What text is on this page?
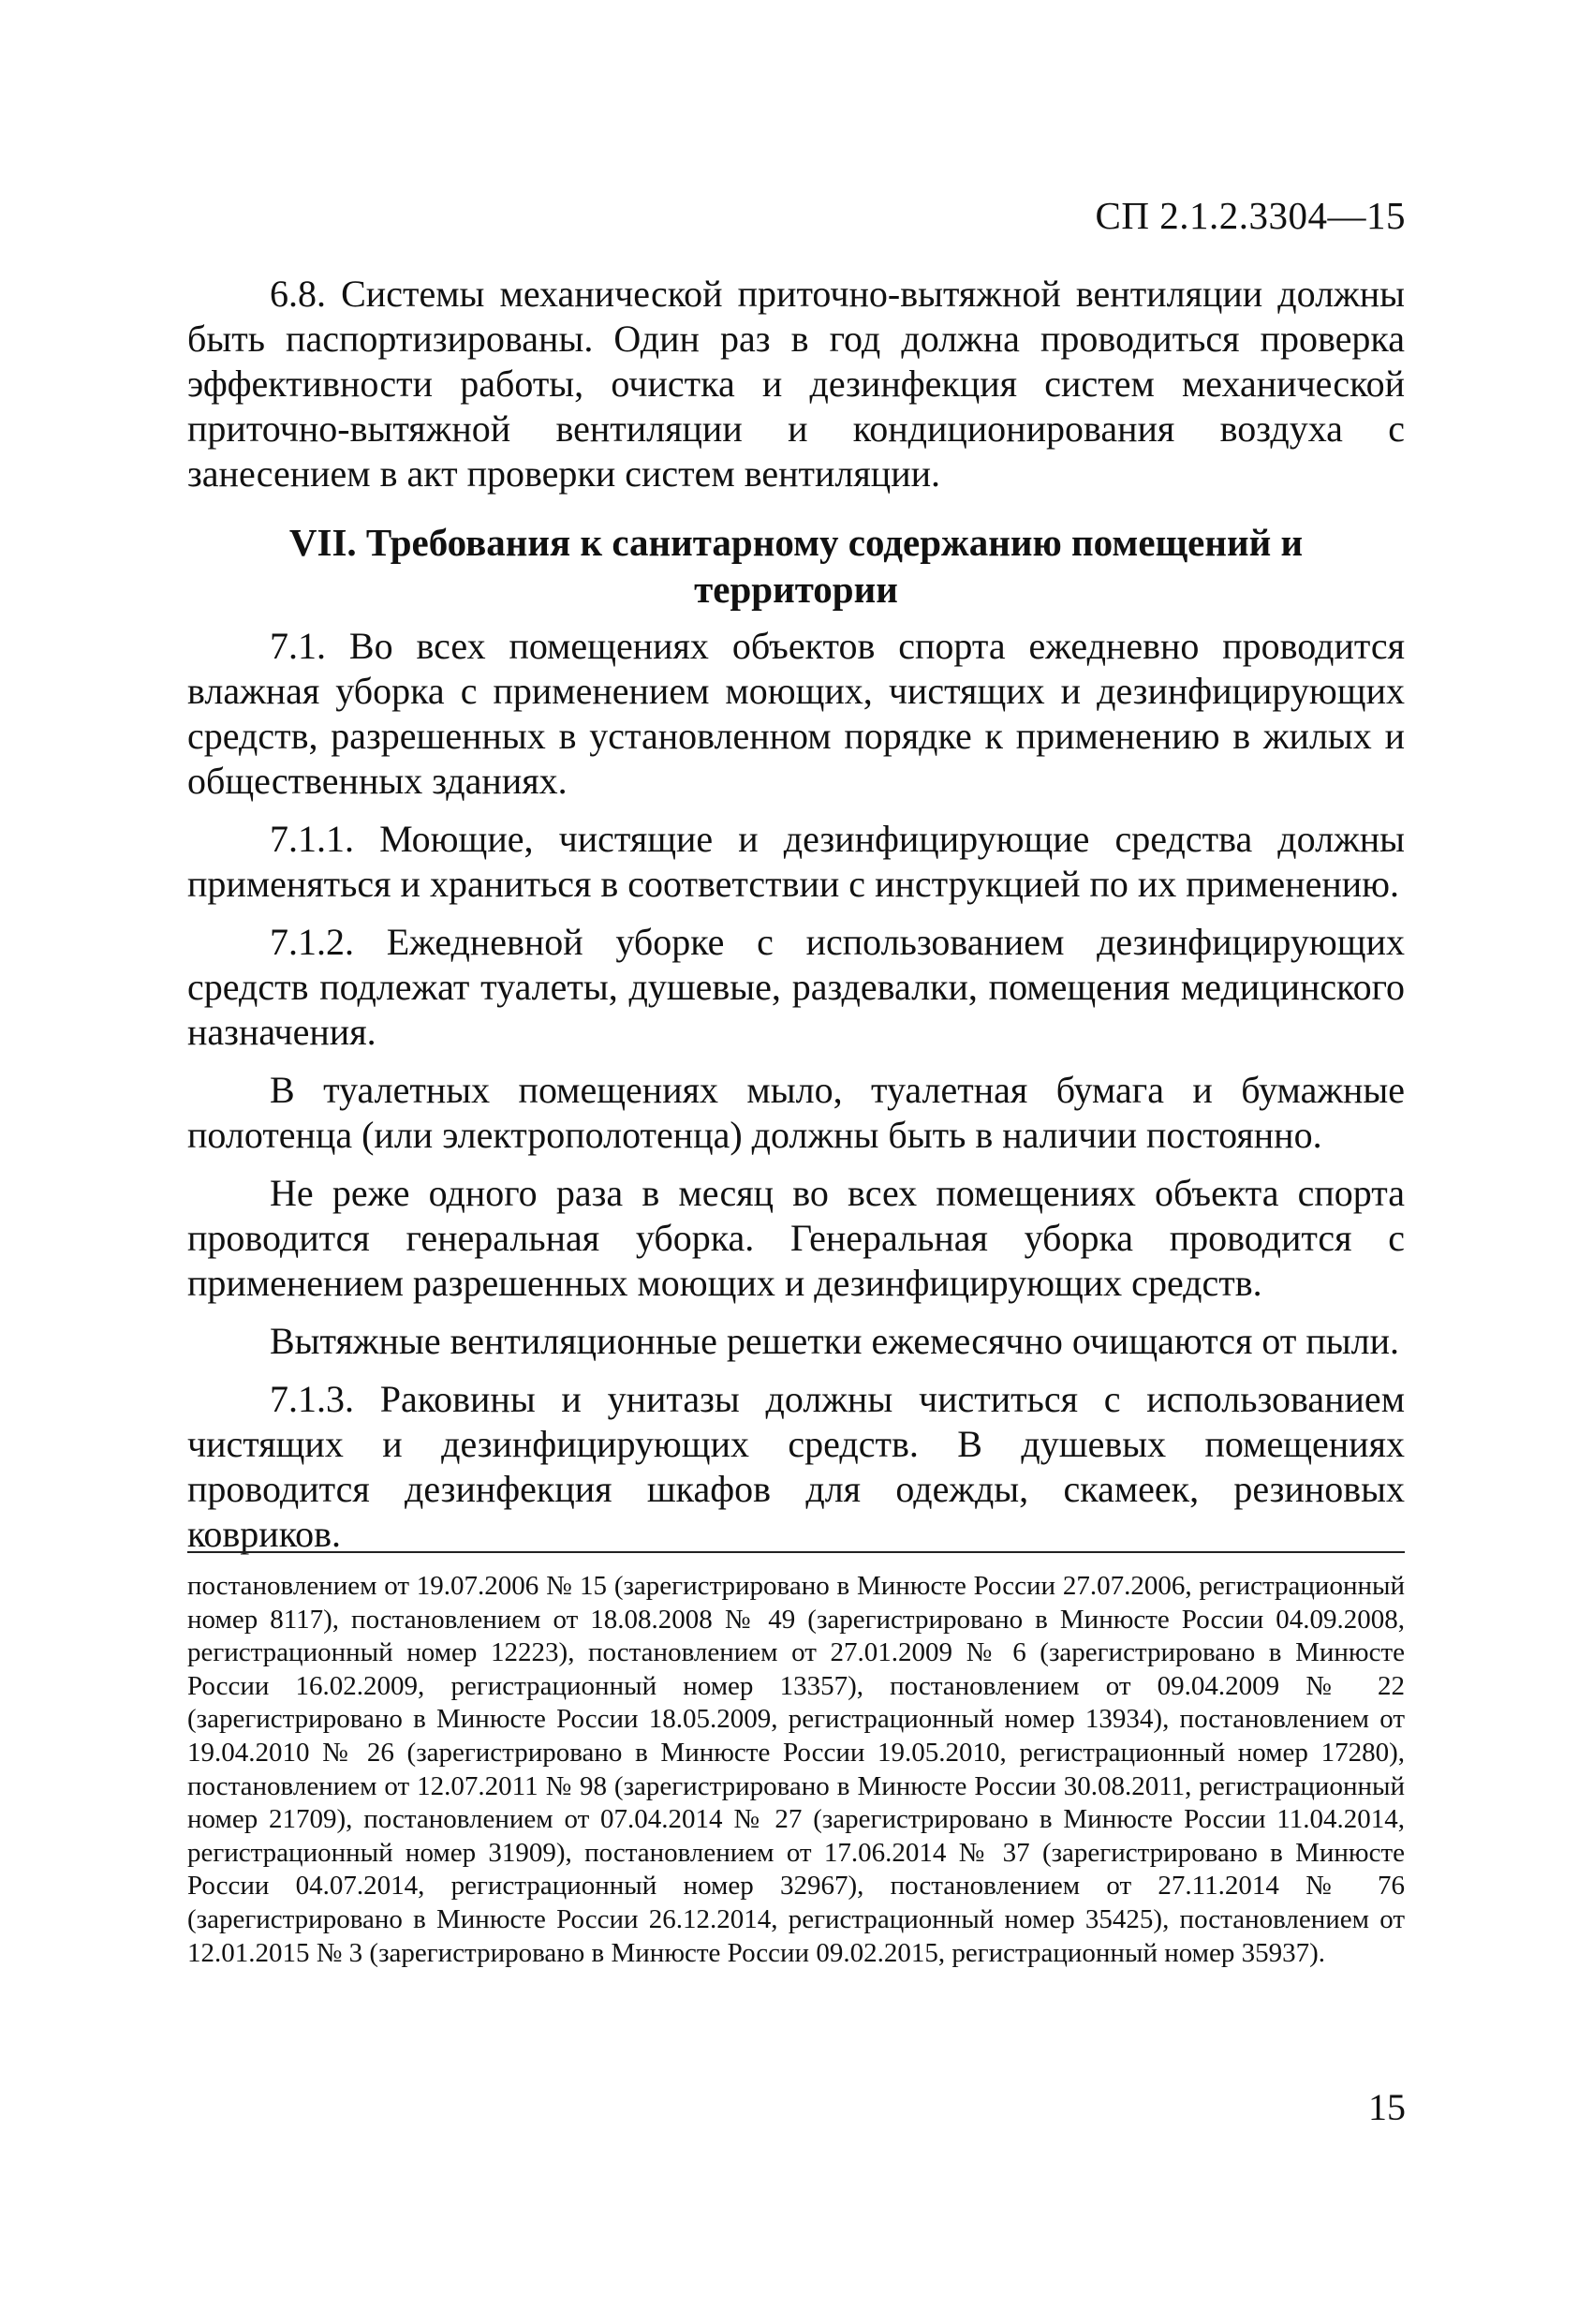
СП 2.1.2.3304—15

6.8. Системы механической приточно-вытяжной вентиляции должны быть паспортизированы. Один раз в год должна проводиться проверка эффективности работы, очистка и дезинфекция систем механической приточно-вытяжной вентиляции и кондиционирования воздуха с занесением в акт проверки систем вентиляции.

VII. Требования к санитарному содержанию помещений и
территории

7.1. Во всех помещениях объектов спорта ежедневно проводится влажная уборка с применением моющих, чистящих и дезинфицирующих средств, разрешенных в установленном порядке к применению в жилых и общественных зданиях.

7.1.1. Моющие, чистящие и дезинфицирующие средства должны применяться и храниться в соответствии с инструкцией по их применению.

7.1.2. Ежедневной уборке с использованием дезинфицирующих средств подлежат туалеты, душевые, раздевалки, помещения медицинского назначения.

В туалетных помещениях мыло, туалетная бумага и бумажные полотенца (или электрополотенца) должны быть в наличии постоянно.

Не реже одного раза в месяц во всех помещениях объекта спорта проводится генеральная уборка. Генеральная уборка проводится с применением разрешенных моющих и дезинфицирующих средств.

Вытяжные вентиляционные решетки ежемесячно очищаются от пыли.

7.1.3. Раковины и унитазы должны чиститься с использованием чистящих и дезинфицирующих средств. В душевых помещениях проводится дезинфекция шкафов для одежды, скамеек, резиновых ковриков.

постановлением от 19.07.2006 № 15 (зарегистрировано в Минюсте России 27.07.2006, регистрационный номер 8117), постановлением от 18.08.2008 № 49 (зарегистрировано в Минюсте России 04.09.2008, регистрационный номер 12223), постановлением от 27.01.2009 № 6 (зарегистрировано в Минюсте России 16.02.2009, регистрационный номер 13357), постановлением от 09.04.2009 № 22 (зарегистрировано в Минюсте России 18.05.2009, регистрационный номер 13934), постановлением от 19.04.2010 № 26 (зарегистрировано в Минюсте России 19.05.2010, регистрационный номер 17280), постановлением от 12.07.2011 № 98 (зарегистрировано в Минюсте России 30.08.2011, регистрационный номер 21709), постановлением от 07.04.2014 № 27 (зарегистрировано в Минюсте России 11.04.2014, регистрационный номер 31909), постановлением от 17.06.2014 № 37 (зарегистрировано в Минюсте России 04.07.2014, регистрационный номер 32967), постановлением от 27.11.2014 № 76 (зарегистрировано в Минюсте России 26.12.2014, регистрационный номер 35425), постановлением от 12.01.2015 № 3 (зарегистрировано в Минюсте России 09.02.2015, регистрационный номер 35937).

15
